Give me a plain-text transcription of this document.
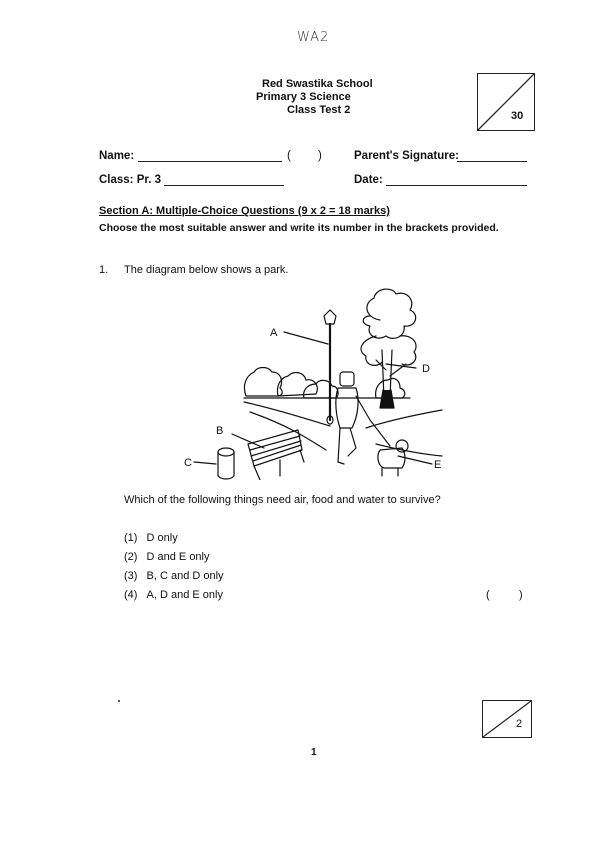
WA2
Red Swastika School
Primary 3 Science
Class Test 2	30
Name:	( )	Parent's Signature:
Class: Pr. 3	Date:
Section A: Multiple-Choice Questions (9 x 2 = 18 marks)
Choose the most suitable answer and write its number in the brackets provided.
1. The diagram below shows a park.
A
B
C
D
E
Which of the following things need air, food and water to survive?
(1) D only
(2) D and E only
(3) B, C and D only
(4) A, D and E only	(	)
2
1
